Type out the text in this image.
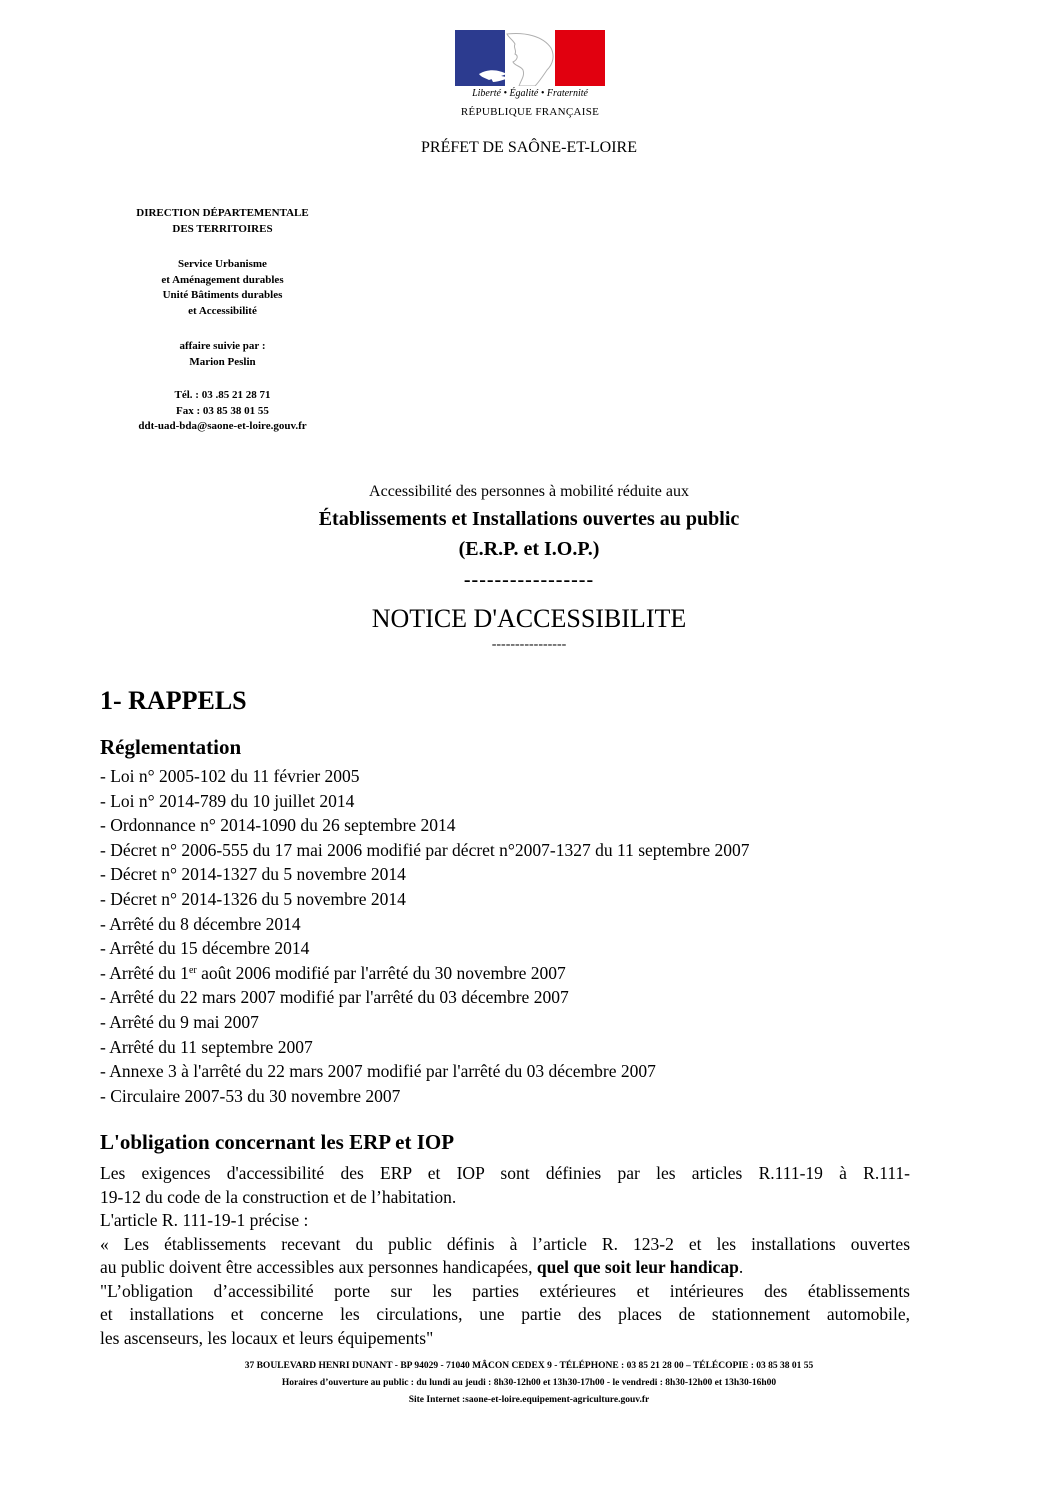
Liberté • Égalité • Fraternité
RÉPUBLIQUE FRANÇAISE
PRÉFET DE SAÔNE-ET-LOIRE
DIRECTION DÉPARTEMENTALE
DES TERRITOIRES
Service Urbanisme
et Aménagement durables
Unité Bâtiments durables
et Accessibilité
affaire suivie par :
Marion Peslin
Tél. : 03 .85 21 28 71
Fax : 03 85 38 01 55
ddt-uad-bda@saone-et-loire.gouv.fr
Accessibilité des personnes à mobilité réduite aux
Établissements et Installations ouvertes au public
(E.R.P. et I.O.P.)
-----------------
NOTICE D'ACCESSIBILITE
----------------
1- RAPPELS
Réglementation
- Loi n° 2005-102 du 11 février 2005
- Loi n° 2014-789 du 10 juillet 2014
- Ordonnance n° 2014-1090 du 26 septembre 2014
- Décret n° 2006-555 du 17 mai 2006 modifié par décret n°2007-1327 du 11 septembre 2007
- Décret n° 2014-1327 du 5 novembre 2014
- Décret n° 2014-1326 du 5 novembre 2014
- Arrêté du 8 décembre 2014
- Arrêté du 15 décembre 2014
- Arrêté du 1er août 2006 modifié par l'arrêté du 30 novembre 2007
- Arrêté du 22 mars 2007 modifié par l'arrêté du 03 décembre 2007
- Arrêté du 9 mai 2007
- Arrêté du 11 septembre 2007
- Annexe 3 à l'arrêté du 22 mars 2007 modifié par l'arrêté du 03 décembre 2007
- Circulaire 2007-53 du 30 novembre 2007
L'obligation concernant les ERP et IOP
Les exigences d'accessibilité des ERP et IOP sont définies par les articles R.111-19 à R.111-
19-12 du code de la construction et de l’habitation.
L'article R. 111-19-1 précise :
« Les établissements recevant du public définis à l’article R. 123-2 et les installations ouvertes
au public doivent être accessibles aux personnes handicapées, quel que soit leur handicap.
"L’obligation d’accessibilité porte sur les parties extérieures et intérieures des établissements
et installations et concerne les circulations, une partie des places de stationnement automobile,
les ascenseurs, les locaux et leurs équipements"
37 BOULEVARD HENRI DUNANT - BP 94029 - 71040 MÂCON CEDEX 9 - TÉLÉPHONE : 03 85 21 28 00 – TÉLÉCOPIE : 03 85 38 01 55
Horaires d’ouverture au public : du lundi au jeudi : 8h30-12h00 et 13h30-17h00 - le vendredi : 8h30-12h00 et 13h30-16h00
Site Internet :saone-et-loire.equipement-agriculture.gouv.fr
